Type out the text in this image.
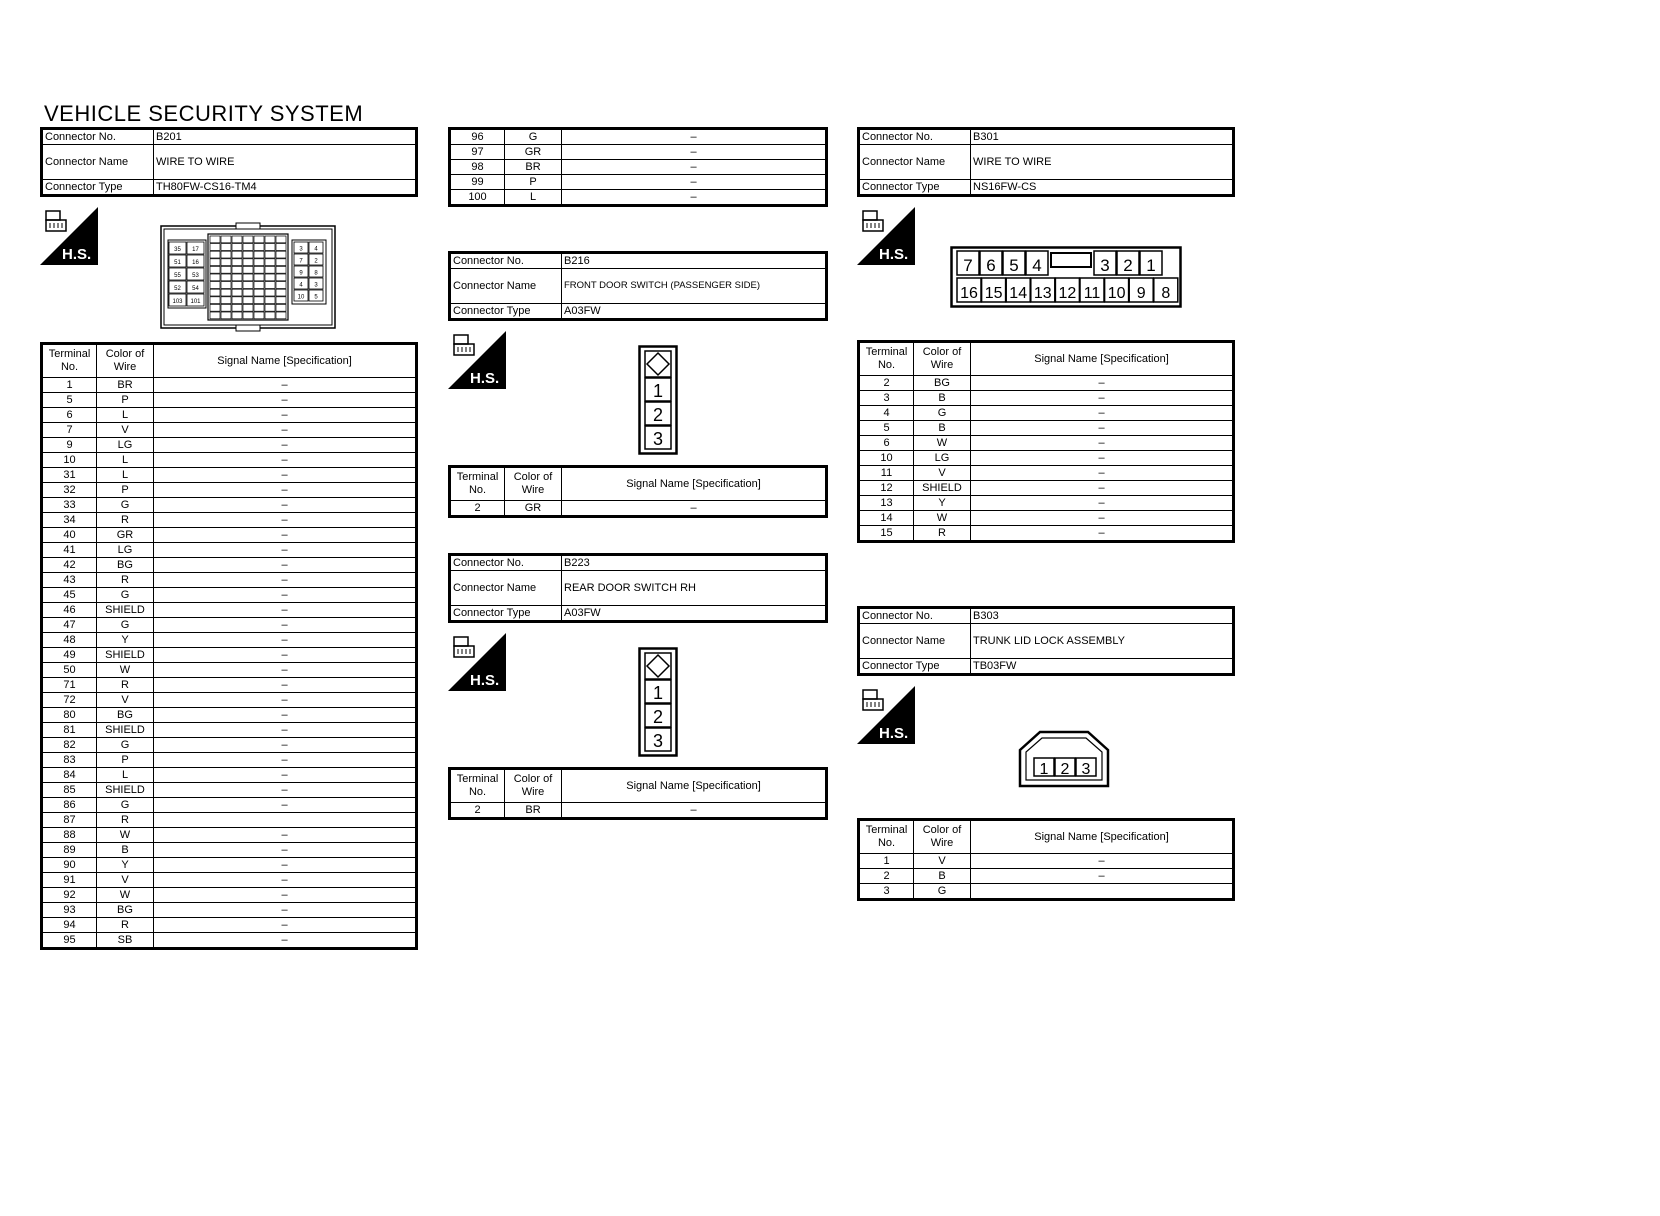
VEHICLE SECURITY SYSTEM
Connector No.	B201
Connector Name	WIRE TO WIRE
Connector Type	TH80FW-CS16-TM4
H.S.	35 17
51 16
55 53
52 54
103 101
3 4
7 2
9 8
4 3
10 5
Terminal No.	Color of Wire	Signal Name [Specification]
1	BR	–
5	P	–
6	L	–
7	V	–
9	LG	–
10	L	–
31	L	–
32	P	–
33	G	–
34	R	–
40	GR	–
41	LG	–
42	BG	–
43	R	–
45	G	–
46	SHIELD	–
47	G	–
48	Y	–
49	SHIELD	–
50	W	–
71	R	–
72	V	–
80	BG	–
81	SHIELD	–
82	G	–
83	P	–
84	L	–
85	SHIELD	–
86	G	–
87	R	
88	W	–
89	B	–
90	Y	–
91	V	–
92	W	–
93	BG	–
94	R	–
95	SB	–
96	G	–
97	GR	–
98	BR	–
99	P	–
100	L	–
Connector No.	B216
Connector Name	FRONT DOOR SWITCH (PASSENGER SIDE)
Connector Type	A03FW
H.S.
1
2
3
Terminal No.	Color of Wire	Signal Name [Specification]
2	GR	–
Connector No.	B223
Connector Name	REAR DOOR SWITCH RH
Connector Type	A03FW
H.S.
1
2
3
Terminal No.	Color of Wire	Signal Name [Specification]
2	BR	–
Connector No.	B301
Connector Name	WIRE TO WIRE
Connector Type	NS16FW-CS
H.S.
7 6 5 4	3 2 1
16 15 14 13 12 11 10 9 8
Terminal No.	Color of Wire	Signal Name [Specification]
2	BG	–
3	B	–
4	G	–
5	B	–
6	W	–
10	LG	–
11	V	–
12	SHIELD	–
13	Y	–
14	W	–
15	R	–
Connector No.	B303
Connector Name	TRUNK LID LOCK ASSEMBLY
Connector Type	TB03FW
H.S.
1 2 3
Terminal No.	Color of Wire	Signal Name [Specification]
1	V	–
2	B	–
3	G	
